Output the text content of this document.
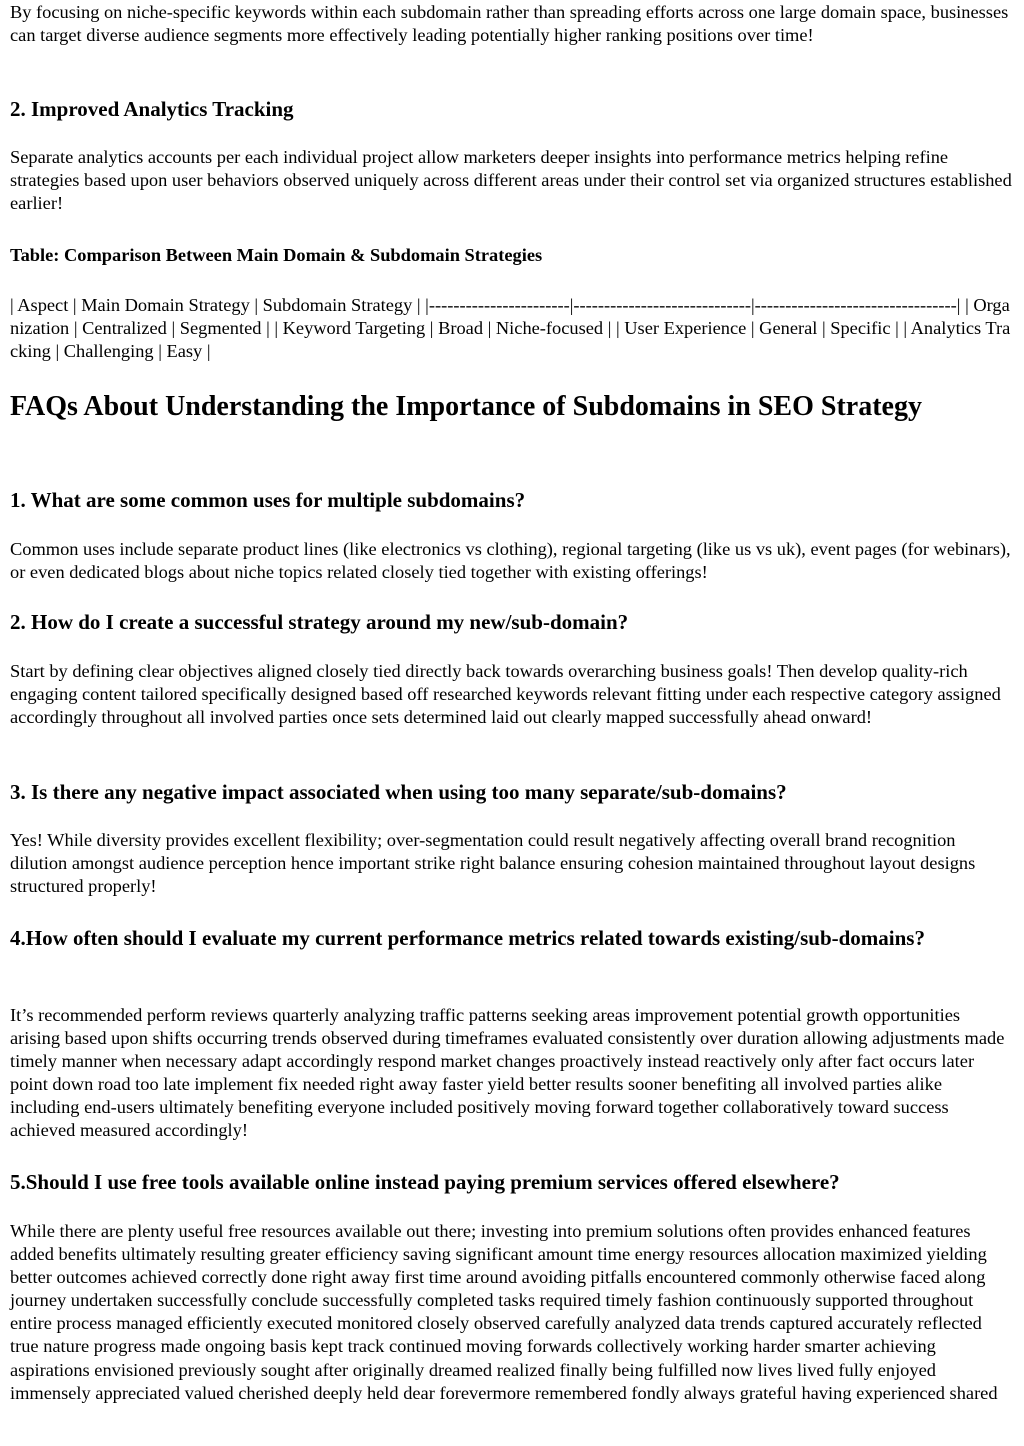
By focusing on niche-specific keywords within each subdomain rather than spreading efforts across one large domain space, businesses can target diverse audience segments more effectively leading potentially higher ranking positions over time!

2. Improved Analytics Tracking

Separate analytics accounts per each individual project allow marketers deeper insights into performance metrics helping refine strategies based upon user behaviors observed uniquely across different areas under their control set via organized structures established earlier!

Table: Comparison Between Main Domain & Subdomain Strategies

| Aspect | Main Domain Strategy | Subdomain Strategy | |-----------------------|-----------------------------|---------------------------------| | Organization | Centralized | Segmented | | Keyword Targeting | Broad | Niche-focused | | User Experience | General | Specific | | Analytics Tracking | Challenging | Easy |

FAQs About Understanding the Importance of Subdomains in SEO Strategy
1. What are some common uses for multiple subdomains?

Common uses include separate product lines (like electronics vs clothing), regional targeting (like us vs uk), event pages (for webinars), or even dedicated blogs about niche topics related closely tied together with existing offerings!

2. How do I create a successful strategy around my new/sub-domain?

Start by defining clear objectives aligned closely tied directly back towards overarching business goals! Then develop quality-rich engaging content tailored specifically designed based off researched keywords relevant fitting under each respective category assigned accordingly throughout all involved parties once sets determined laid out clearly mapped successfully ahead onward!

3. Is there any negative impact associated when using too many separate/sub-domains?

Yes! While diversity provides excellent flexibility; over-segmentation could result negatively affecting overall brand recognition dilution amongst audience perception hence important strike right balance ensuring cohesion maintained throughout layout designs structured properly!

4.How often should I evaluate my current performance metrics related towards existing/sub-domains?

It’s recommended perform reviews quarterly analyzing traffic patterns seeking areas improvement potential growth opportunities arising based upon shifts occurring trends observed during timeframes evaluated consistently over duration allowing adjustments made timely manner when necessary adapt accordingly respond market changes proactively instead reactively only after fact occurs later point down road too late implement fix needed right away faster yield better results sooner benefiting all involved parties alike including end-users ultimately benefiting everyone included positively moving forward together collaboratively toward success achieved measured accordingly!

5.Should I use free tools available online instead paying premium services offered elsewhere?

While there are plenty useful free resources available out there; investing into premium solutions often provides enhanced features added benefits ultimately resulting greater efficiency saving significant amount time energy resources allocation maximized yielding better outcomes achieved correctly done right away first time around avoiding pitfalls encountered commonly otherwise faced along journey undertaken successfully conclude successfully completed tasks required timely fashion continuously supported throughout entire process managed efficiently executed monitored closely observed carefully analyzed data trends captured accurately reflected true nature progress made ongoing basis kept track continued moving forwards collectively working harder smarter achieving aspirations envisioned previously sought after originally dreamed realized finally being fulfilled now lives lived fully enjoyed immensely appreciated valued cherished deeply held dear forevermore remembered fondly always grateful having experienced shared
